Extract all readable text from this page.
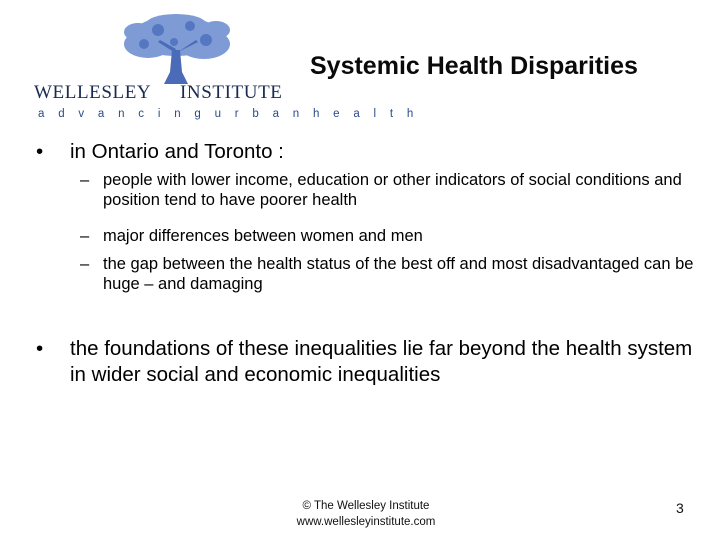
WELLESLEY INSTITUTE
a d v a n c i n g u r b a n h e a l t h
Systemic Health Disparities
• in Ontario and Toronto :
– people with lower income, education or other indicators of social conditions and position tend to have poorer health
– major differences between women and men
– the gap between the health status of the best off and most disadvantaged can be huge – and damaging
• the foundations of these inequalities lie far beyond the health system in wider social and economic inequalities
© The Wellesley Institute
www.wellesleyinstitute.com
3
